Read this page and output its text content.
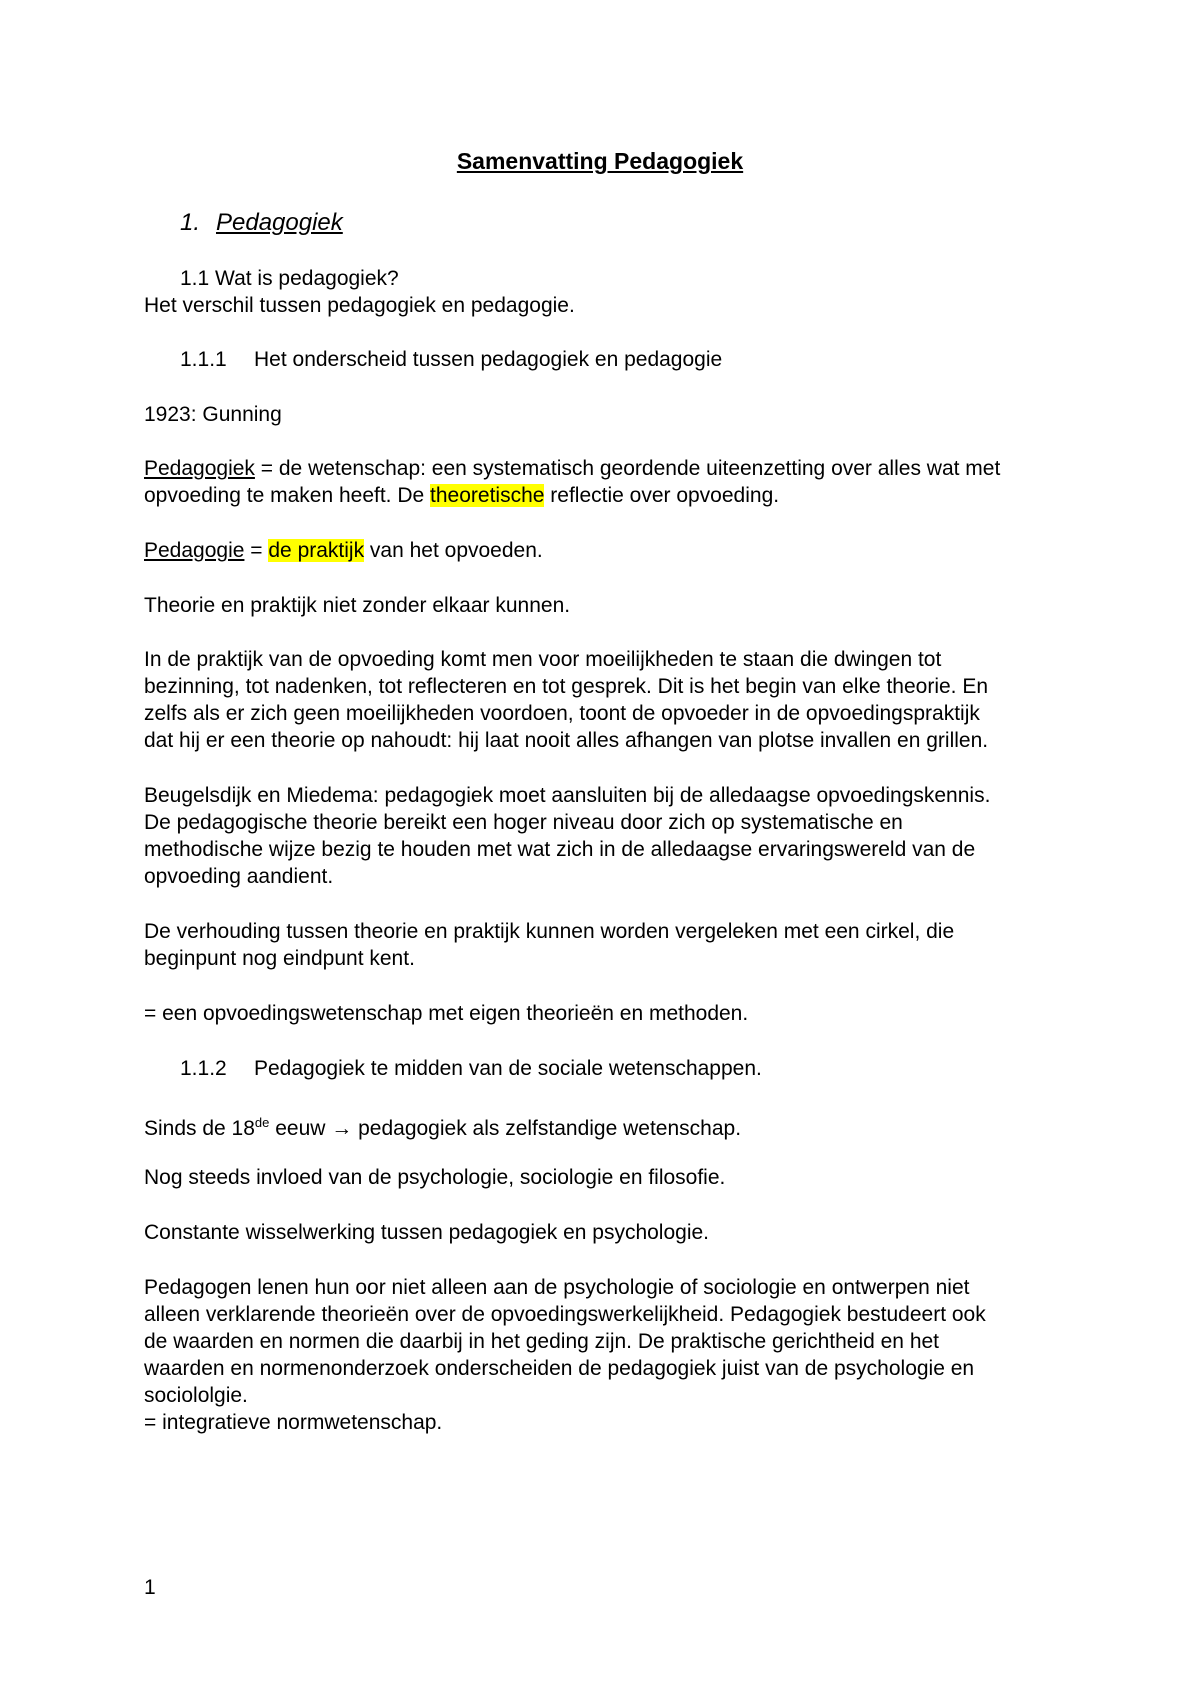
Samenvatting Pedagogiek
1. Pedagogiek
1.1 Wat is pedagogiek?
Het verschil tussen pedagogiek en pedagogie.
1.1.1 Het onderscheid tussen pedagogiek en pedagogie
1923: Gunning
Pedagogiek = de wetenschap: een systematisch geordende uiteenzetting over alles wat met
opvoeding te maken heeft. De theoretische reflectie over opvoeding.
Pedagogie = de praktijk van het opvoeden.
Theorie en praktijk niet zonder elkaar kunnen.
In de praktijk van de opvoeding komt men voor moeilijkheden te staan die dwingen tot
bezinning, tot nadenken, tot reflecteren en tot gesprek. Dit is het begin van elke theorie. En
zelfs als er zich geen moeilijkheden voordoen, toont de opvoeder in de opvoedingspraktijk
dat hij er een theorie op nahoudt: hij laat nooit alles afhangen van plotse invallen en grillen.
Beugelsdijk en Miedema: pedagogiek moet aansluiten bij de alledaagse opvoedingskennis.
De pedagogische theorie bereikt een hoger niveau door zich op systematische en
methodische wijze bezig te houden met wat zich in de alledaagse ervaringswereld van de
opvoeding aandient.
De verhouding tussen theorie en praktijk kunnen worden vergeleken met een cirkel, die
beginpunt nog eindpunt kent.
= een opvoedingswetenschap met eigen theorieën en methoden.
1.1.2 Pedagogiek te midden van de sociale wetenschappen.
Sinds de 18de eeuw → pedagogiek als zelfstandige wetenschap.
Nog steeds invloed van de psychologie, sociologie en filosofie.
Constante wisselwerking tussen pedagogiek en psychologie.
Pedagogen lenen hun oor niet alleen aan de psychologie of sociologie en ontwerpen niet
alleen verklarende theorieën over de opvoedingswerkelijkheid. Pedagogiek bestudeert ook
de waarden en normen die daarbij in het geding zijn. De praktische gerichtheid en het
waarden en normenonderzoek onderscheiden de pedagogiek juist van de psychologie en
sociololgie.
= integratieve normwetenschap.
1
